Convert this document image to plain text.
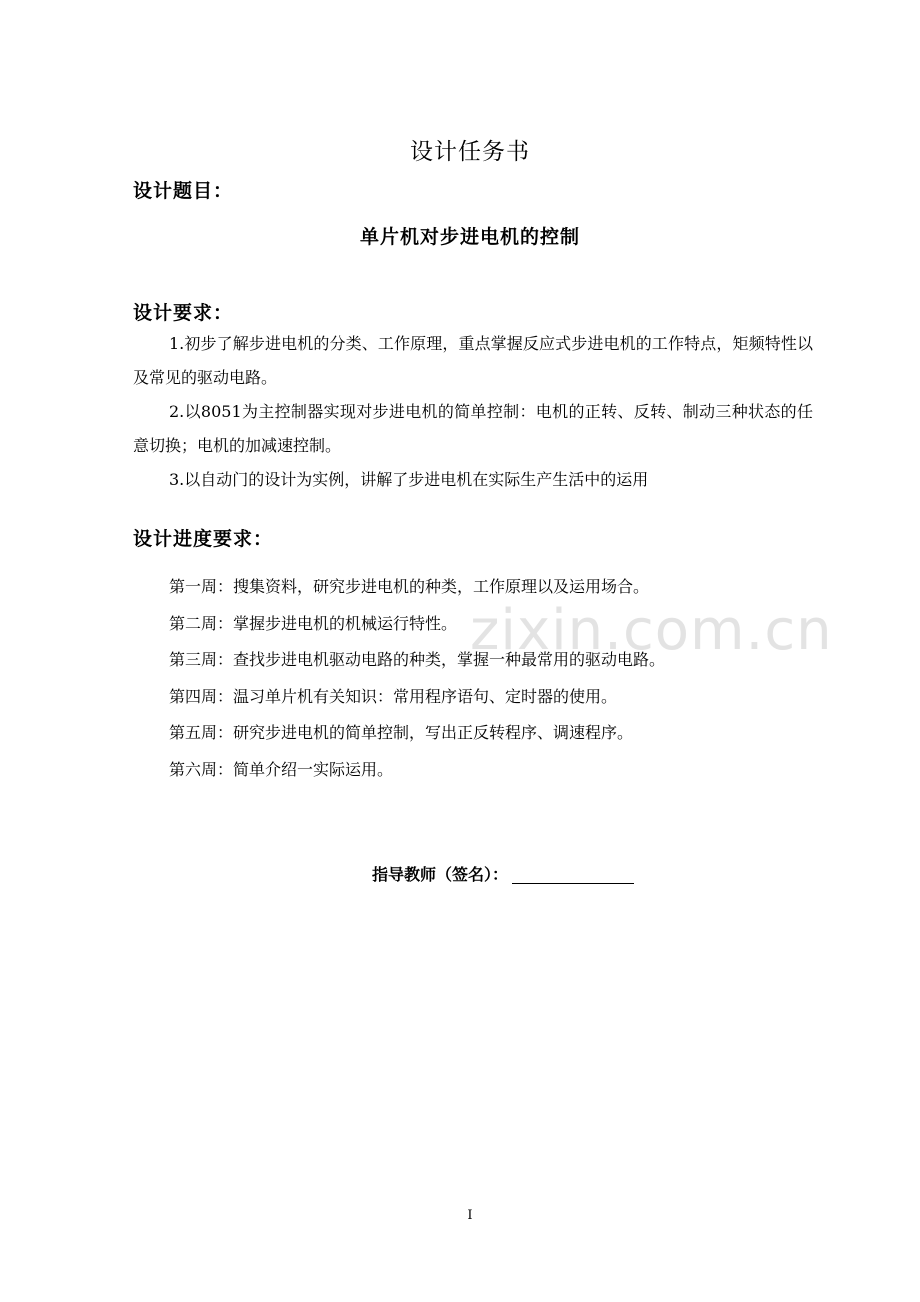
zixin.com.cn
设计任务书
设计题目：
单片机对步进电机的控制
设计要求：

1.初步了解步进电机的分类、工作原理，重点掌握反应式步进电机的工作特点，矩频特性以及常见的驱动电路。

2.以8051为主控制器实现对步进电机的简单控制：电机的正转、反转、制动三种状态的任意切换；电机的加减速控制。

3.以自动门的设计为实例，讲解了步进电机在实际生产生活中的运用

设计进度要求：

第一周：搜集资料，研究步进电机的种类，工作原理以及运用场合。

第二周：掌握步进电机的机械运行特性。

第三周：查找步进电机驱动电路的种类，掌握一种最常用的驱动电路。

第四周：温习单片机有关知识：常用程序语句、定时器的使用。

第五周：研究步进电机的简单控制，写出正反转程序、调速程序。

第六周：简单介绍一实际运用。

指导教师（签名）：
I
